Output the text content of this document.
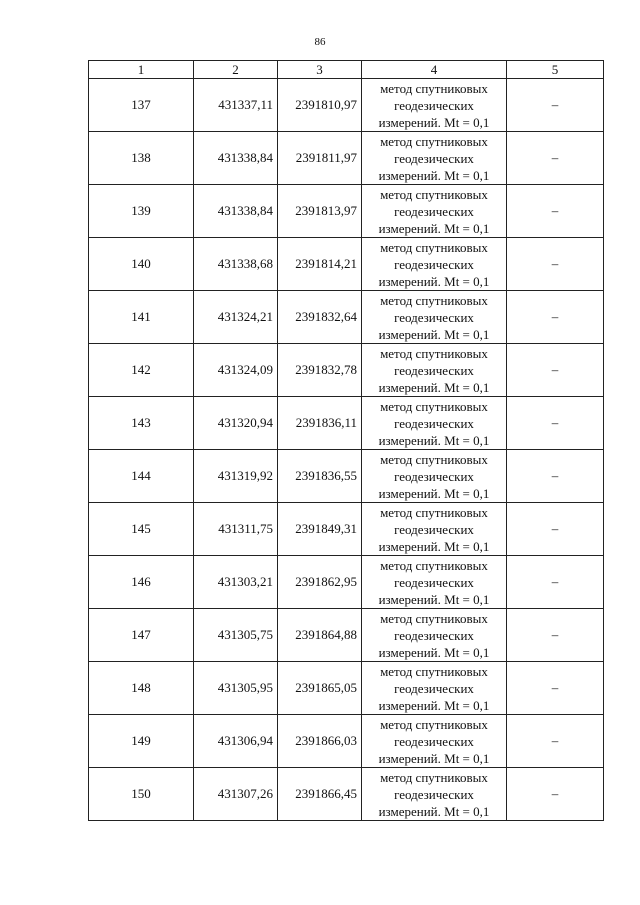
86
1	2	3	4	5
137	431337,11	2391810,97	метод спутниковых
геодезических
измерений. Mt = 0,1	–
138	431338,84	2391811,97	метод спутниковых
геодезических
измерений. Mt = 0,1	–
139	431338,84	2391813,97	метод спутниковых
геодезических
измерений. Mt = 0,1	–
140	431338,68	2391814,21	метод спутниковых
геодезических
измерений. Mt = 0,1	–
141	431324,21	2391832,64	метод спутниковых
геодезических
измерений. Mt = 0,1	–
142	431324,09	2391832,78	метод спутниковых
геодезических
измерений. Mt = 0,1	–
143	431320,94	2391836,11	метод спутниковых
геодезических
измерений. Mt = 0,1	–
144	431319,92	2391836,55	метод спутниковых
геодезических
измерений. Mt = 0,1	–
145	431311,75	2391849,31	метод спутниковых
геодезических
измерений. Mt = 0,1	–
146	431303,21	2391862,95	метод спутниковых
геодезических
измерений. Mt = 0,1	–
147	431305,75	2391864,88	метод спутниковых
геодезических
измерений. Mt = 0,1	–
148	431305,95	2391865,05	метод спутниковых
геодезических
измерений. Mt = 0,1	–
149	431306,94	2391866,03	метод спутниковых
геодезических
измерений. Mt = 0,1	–
150	431307,26	2391866,45	метод спутниковых
геодезических
измерений. Mt = 0,1	–
